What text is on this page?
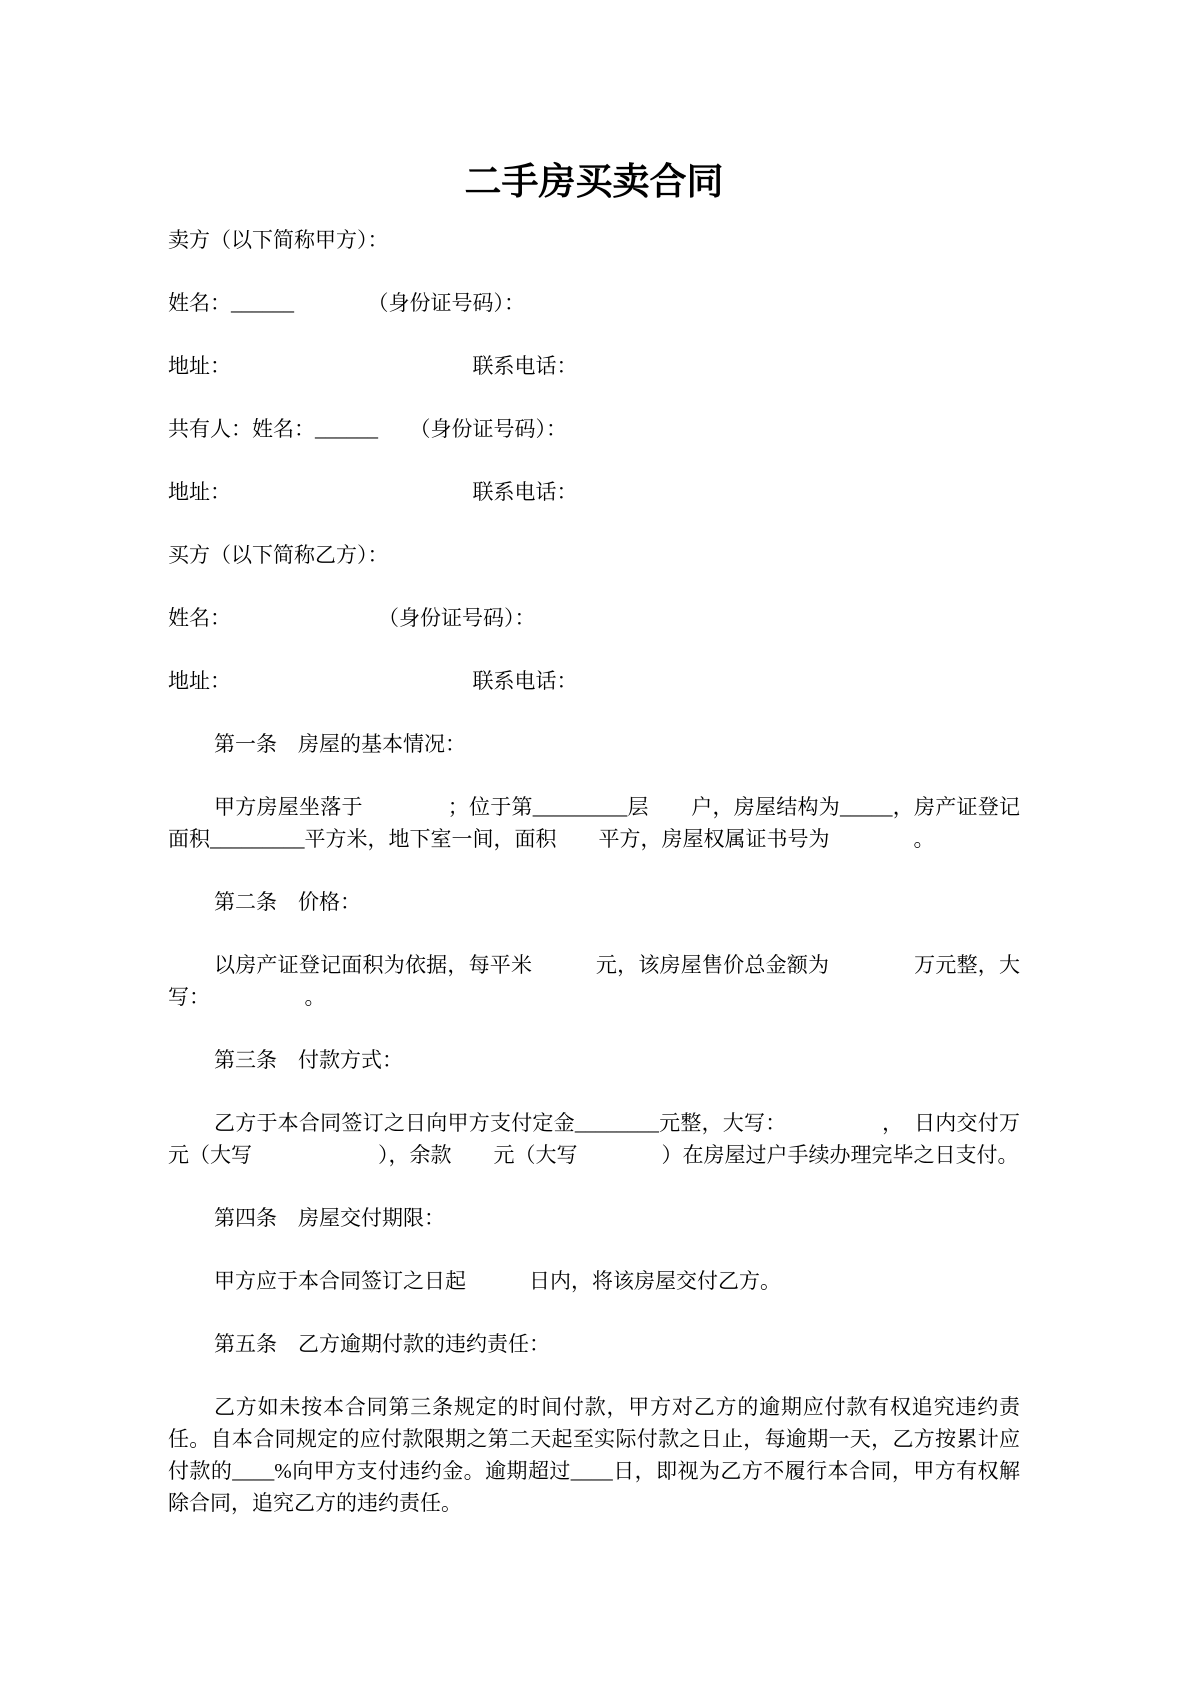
二手房买卖合同

卖方（以下简称甲方）：

姓名：______　　　　（身份证号码）：

地址：　　　　　　　　　　　　联系电话：

共有人：姓名：______　　（身份证号码）：

地址：　　　　　　　　　　　　联系电话：

买方（以下简称乙方）：

姓名：　　　　　　　　（身份证号码）：

地址：　　　　　　　　　　　　联系电话：

第一条　房屋的基本情况：

甲方房屋坐落于　　　　；位于第_________层　　户，房屋结构为_____，房产证登记面积_________平方米，地下室一间，面积　　平方，房屋权属证书号为　　　　。

第二条　价格：

以房产证登记面积为依据，每平米　　　元，该房屋售价总金额为　　　　万元整，大写：　　　　　。

第三条　付款方式：

乙方于本合同签订之日向甲方支付定金________元整，大写：　　　　　，　日内交付万元（大写　　　　　　），余款　　元（大写　　　　）在房屋过户手续办理完毕之日支付。

第四条　房屋交付期限：

甲方应于本合同签订之日起　　　日内，将该房屋交付乙方。

第五条　乙方逾期付款的违约责任：

乙方如未按本合同第三条规定的时间付款，甲方对乙方的逾期应付款有权追究违约责任。自本合同规定的应付款限期之第二天起至实际付款之日止，每逾期一天，乙方按累计应付款的____%向甲方支付违约金。逾期超过____日，即视为乙方不履行本合同，甲方有权解除合同，追究乙方的违约责任。
